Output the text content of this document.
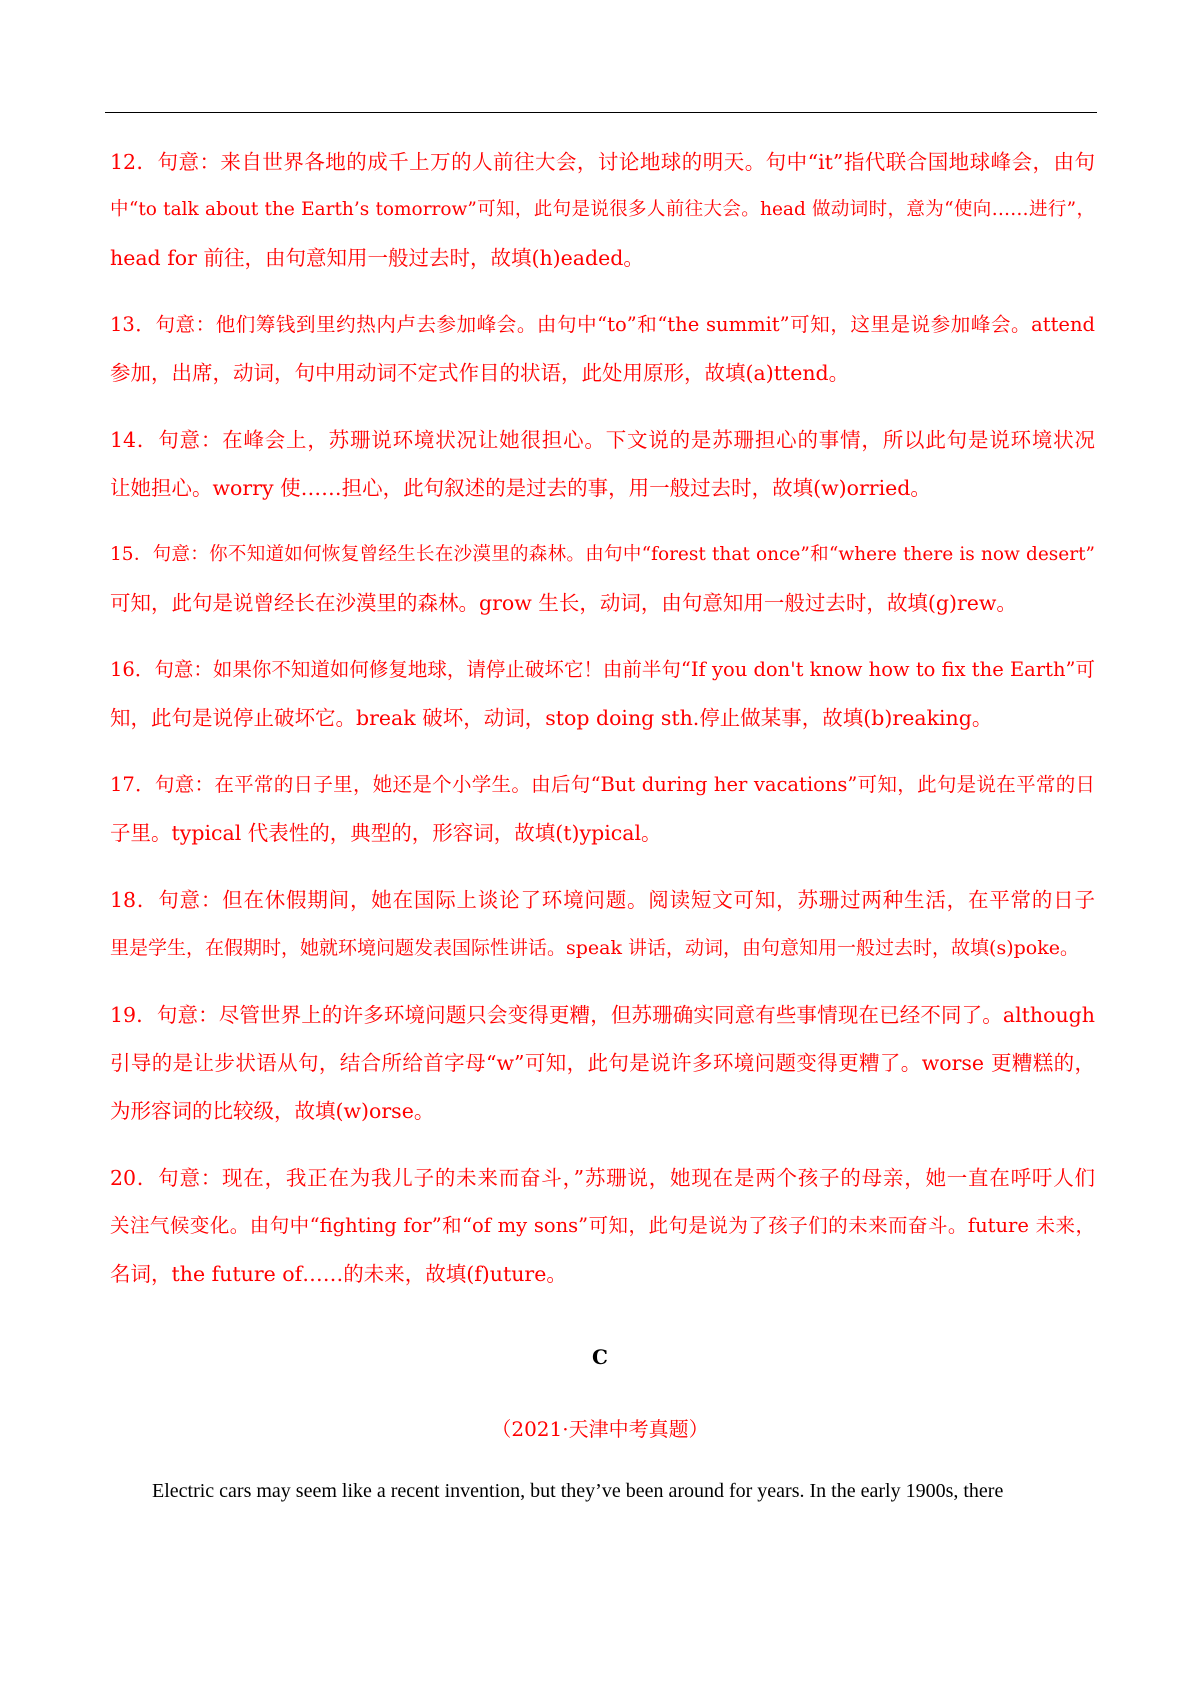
12．句意：来自世界各地的成千上万的人前往大会，讨论地球的明天。句中“it”指代联合国地球峰会，由句
中“to talk about the Earth’s tomorrow”可知，此句是说很多人前往大会。head 做动词时，意为“使向……进行”，
head for 前往，由句意知用一般过去时，故填(h)eaded。
13．句意：他们筹钱到里约热内卢去参加峰会。由句中“to”和“the summit”可知，这里是说参加峰会。attend
参加，出席，动词，句中用动词不定式作目的状语，此处用原形，故填(a)ttend。
14．句意：在峰会上，苏珊说环境状况让她很担心。下文说的是苏珊担心的事情，所以此句是说环境状况
让她担心。worry 使……担心，此句叙述的是过去的事，用一般过去时，故填(w)orried。
15．句意：你不知道如何恢复曾经生长在沙漠里的森林。由句中“forest that once”和“where there is now desert”
可知，此句是说曾经长在沙漠里的森林。grow 生长，动词，由句意知用一般过去时，故填(g)rew。
16．句意：如果你不知道如何修复地球，请停止破坏它！由前半句“If you don't know how to fix the Earth”可
知，此句是说停止破坏它。break 破坏，动词，stop doing sth.停止做某事，故填(b)reaking。
17．句意：在平常的日子里，她还是个小学生。由后句“But during her vacations”可知，此句是说在平常的日
子里。typical 代表性的，典型的，形容词，故填(t)ypical。
18．句意：但在休假期间，她在国际上谈论了环境问题。阅读短文可知，苏珊过两种生活，在平常的日子
里是学生，在假期时，她就环境问题发表国际性讲话。speak 讲话，动词，由句意知用一般过去时，故填(s)poke。
19．句意：尽管世界上的许多环境问题只会变得更糟，但苏珊确实同意有些事情现在已经不同了。although
引导的是让步状语从句，结合所给首字母“w”可知，此句是说许多环境问题变得更糟了。worse 更糟糕的，
为形容词的比较级，故填(w)orse。
20．句意：现在，我正在为我儿子的未来而奋斗，”苏珊说，她现在是两个孩子的母亲，她一直在呼吁人们
关注气候变化。由句中“fighting for”和“of my sons”可知，此句是说为了孩子们的未来而奋斗。future 未来，
名词，the future of……的未来，故填(f)uture。
C
（2021·天津中考真题）
Electric cars may seem like a recent invention, but they’ve been around for years. In the early 1900s, there
